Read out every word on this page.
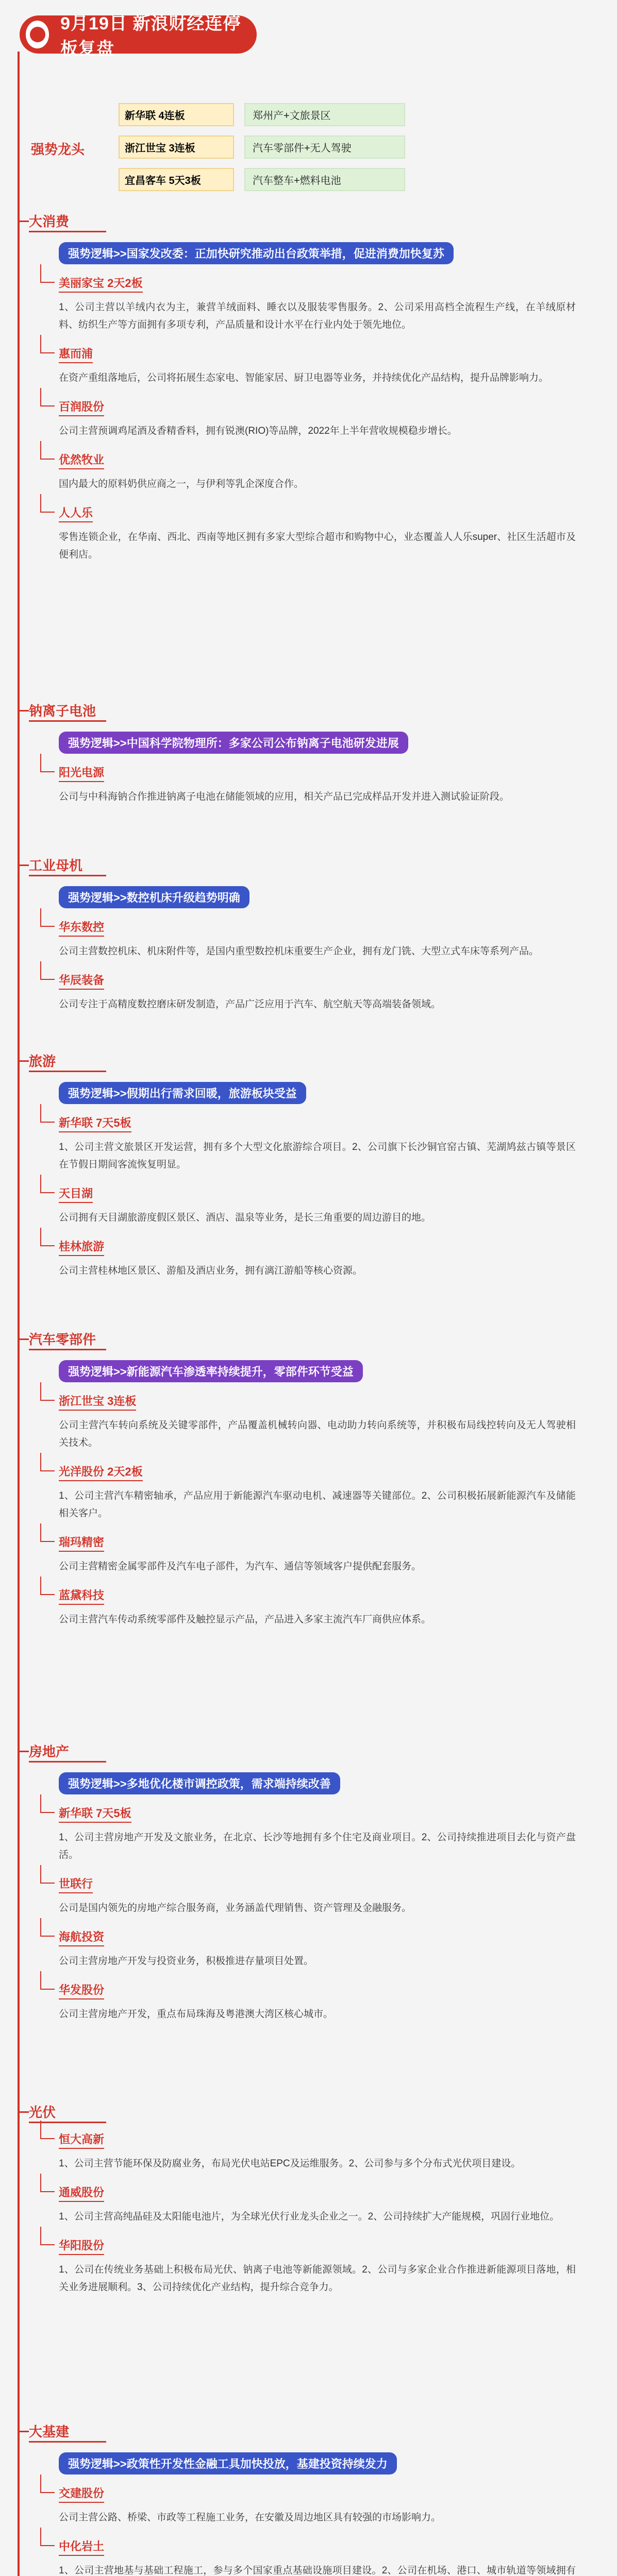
9月19日 新浪财经连停板复盘
强势龙头
新华联 4连板	郑州产+文旅景区
浙江世宝 3连板	汽车零部件+无人驾驶
宜昌客车 5天3板	汽车整车+燃料电池
大消费
强势逻辑>>国家发改委：正加快研究推动出台政策举措，促进消费加快复苏
美丽家宝 2天2板
1、公司主营以羊绒内衣为主，兼营羊绒面料、睡衣以及服装零售服务。2、公司采用高档全流程生产线，在羊绒原材料、纺织生产等方面拥有多项专利，产品质量和设计水平在行业内处于领先地位。
惠而浦
在资产重组落地后，公司将拓展生态家电、智能家居、厨卫电器等业务，并持续优化产品结构，提升品牌影响力。
百润股份
公司主营预调鸡尾酒及香精香料，拥有锐澳(RIO)等品牌，2022年上半年营收规模稳步增长。
优然牧业
国内最大的原料奶供应商之一，与伊利等乳企深度合作。
人人乐
零售连锁企业，在华南、西北、西南等地区拥有多家大型综合超市和购物中心，业态覆盖人人乐super、社区生活超市及便利店。
钠离子电池
强势逻辑>>中国科学院物理所：多家公司公布钠离子电池研发进展
阳光电源
公司与中科海钠合作推进钠离子电池在储能领域的应用，相关产品已完成样品开发并进入测试验证阶段。
工业母机
强势逻辑>>数控机床升级趋势明确
华东数控
公司主营数控机床、机床附件等，是国内重型数控机床重要生产企业，拥有龙门铣、大型立式车床等系列产品。
华辰装备
公司专注于高精度数控磨床研发制造，产品广泛应用于汽车、航空航天等高端装备领域。
旅游
强势逻辑>>假期出行需求回暖，旅游板块受益
新华联 7天5板
1、公司主营文旅景区开发运营，拥有多个大型文化旅游综合项目。2、公司旗下长沙铜官窑古镇、芜湖鸠兹古镇等景区在节假日期间客流恢复明显。
天目湖
公司拥有天目湖旅游度假区景区、酒店、温泉等业务，是长三角重要的周边游目的地。
桂林旅游
公司主营桂林地区景区、游船及酒店业务，拥有漓江游船等核心资源。
汽车零部件
强势逻辑>>新能源汽车渗透率持续提升，零部件环节受益
浙江世宝 3连板
公司主营汽车转向系统及关键零部件，产品覆盖机械转向器、电动助力转向系统等，并积极布局线控转向及无人驾驶相关技术。
光洋股份 2天2板
1、公司主营汽车精密轴承，产品应用于新能源汽车驱动电机、减速器等关键部位。2、公司积极拓展新能源汽车及储能相关客户。
瑞玛精密
公司主营精密金属零部件及汽车电子部件，为汽车、通信等领域客户提供配套服务。
蓝黛科技
公司主营汽车传动系统零部件及触控显示产品，产品进入多家主流汽车厂商供应体系。
房地产
强势逻辑>>多地优化楼市调控政策，需求端持续改善
新华联 7天5板
1、公司主营房地产开发及文旅业务，在北京、长沙等地拥有多个住宅及商业项目。2、公司持续推进项目去化与资产盘活。
世联行
公司是国内领先的房地产综合服务商，业务涵盖代理销售、资产管理及金融服务。
海航投资
公司主营房地产开发与投资业务，积极推进存量项目处置。
华发股份
公司主营房地产开发，重点布局珠海及粤港澳大湾区核心城市。
光伏
恒大高新
1、公司主营节能环保及防腐业务，布局光伏电站EPC及运维服务。2、公司参与多个分布式光伏项目建设。
通威股份
1、公司主营高纯晶硅及太阳能电池片，为全球光伏行业龙头企业之一。2、公司持续扩大产能规模，巩固行业地位。
华阳股份
1、公司在传统业务基础上积极布局光伏、钠离子电池等新能源领域。2、公司与多家企业合作推进新能源项目落地，相关业务进展顺利。3、公司持续优化产业结构，提升综合竞争力。
大基建
强势逻辑>>政策性开发性金融工具加快投放，基建投资持续发力
交建股份
公司主营公路、桥梁、市政等工程施工业务，在安徽及周边地区具有较强的市场影响力。
中化岩土
1、公司主营地基与基础工程施工，参与多个国家重点基础设施项目建设。2、公司在机场、港口、城市轨道等领域拥有
